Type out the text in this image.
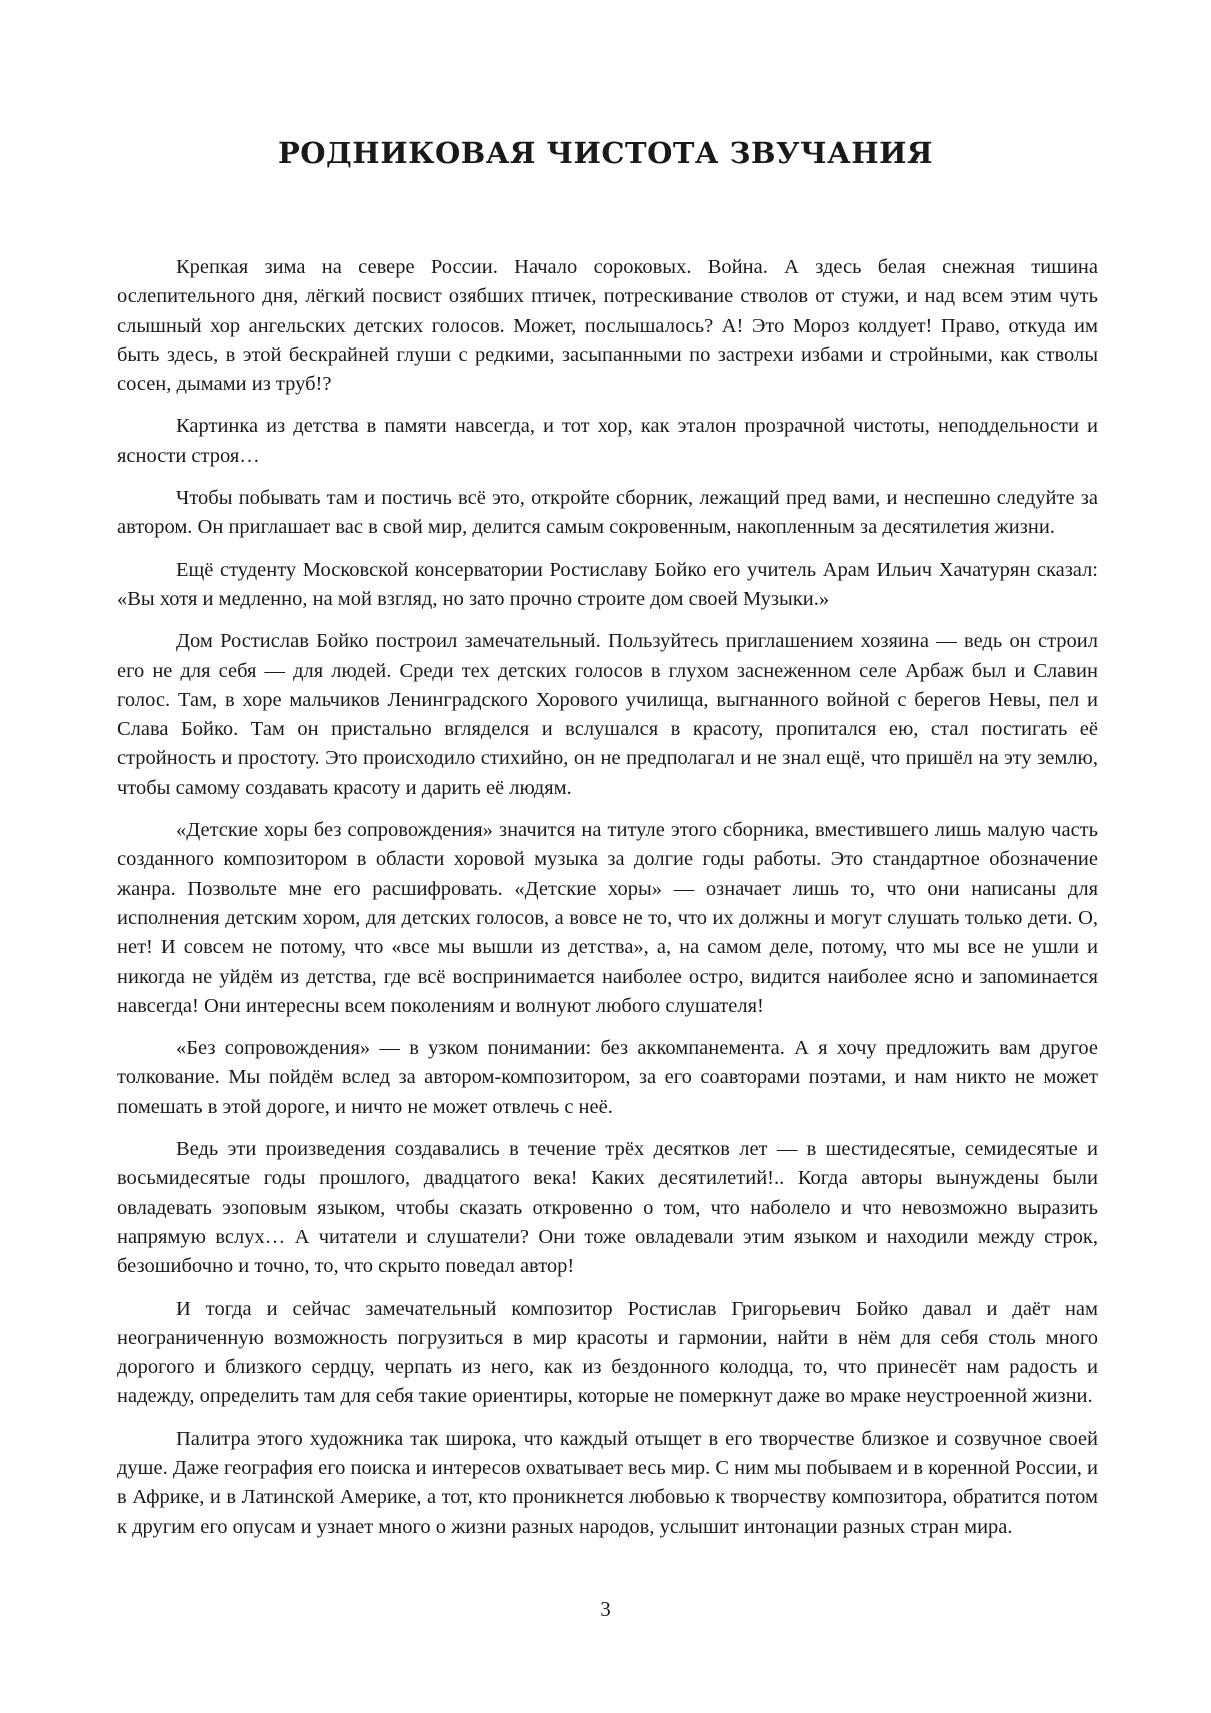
РОДНИКОВАЯ ЧИСТОТА ЗВУЧАНИЯ

Крепкая зима на севере России. Начало сороковых. Война. А здесь белая снежная тишина ослепительного дня, лёгкий посвист озябших птичек, потрескивание стволов от стужи, и над всем этим чуть слышный хор ангельских детских голосов. Может, послышалось? А! Это Мороз колдует! Право, откуда им быть здесь, в этой бескрайней глуши с редкими, засыпанными по застрехи избами и стройными, как стволы сосен, дымами из труб!?

Картинка из детства в памяти навсегда, и тот хор, как эталон прозрачной чистоты, неподдельности и ясности строя…

Чтобы побывать там и постичь всё это, откройте сборник, лежащий пред вами, и неспешно следуйте за автором. Он приглашает вас в свой мир, делится самым сокровенным, накопленным за десятилетия жизни.

Ещё студенту Московской консерватории Ростиславу Бойко его учитель Арам Ильич Хачатурян сказал: «Вы хотя и медленно, на мой взгляд, но зато прочно строите дом своей Музыки.»

Дом Ростислав Бойко построил замечательный. Пользуйтесь приглашением хозяина — ведь он строил его не для себя — для людей. Среди тех детских голосов в глухом заснеженном селе Арбаж был и Славин голос. Там, в хоре мальчиков Ленинградского Хорового училища, выгнанного войной с берегов Невы, пел и Слава Бойко. Там он пристально вгляделся и вслушался в красоту, пропитался ею, стал постигать её стройность и простоту. Это происходило стихийно, он не предполагал и не знал ещё, что пришёл на эту землю, чтобы самому создавать красоту и дарить её людям.

«Детские хоры без сопровождения» значится на титуле этого сборника, вместившего лишь малую часть созданного композитором в области хоровой музыка за долгие годы работы. Это стандартное обозначение жанра. Позвольте мне его расшифровать. «Детские хоры» — означает лишь то, что они написаны для исполнения детским хором, для детских голосов, а вовсе не то, что их должны и могут слушать только дети. О, нет! И совсем не потому, что «все мы вышли из детства», а, на самом деле, потому, что мы все не ушли и никогда не уйдём из детства, где всё воспринимается наиболее остро, видится наиболее ясно и запоминается навсегда! Они интересны всем поколениям и волнуют любого слушателя!

«Без сопровождения» — в узком понимании: без аккомпанемента. А я хочу предложить вам другое толкование. Мы пойдём вслед за автором-композитором, за его соавторами поэтами, и нам никто не может помешать в этой дороге, и ничто не может отвлечь с неё.

Ведь эти произведения создавались в течение трёх десятков лет — в шестидесятые, семидесятые и восьмидесятые годы прошлого, двадцатого века! Каких десятилетий!.. Когда авторы вынуждены были овладевать эзоповым языком, чтобы сказать откровенно о том, что наболело и что невозможно выразить напрямую вслух… А читатели и слушатели? Они тоже овладевали этим языком и находили между строк, безошибочно и точно, то, что скрыто поведал автор!

И тогда и сейчас замечательный композитор Ростислав Григорьевич Бойко давал и даёт нам неограниченную возможность погрузиться в мир красоты и гармонии, найти в нём для себя столь много дорогого и близкого сердцу, черпать из него, как из бездонного колодца, то, что принесёт нам радость и надежду, определить там для себя такие ориентиры, которые не померкнут даже во мраке неустроенной жизни.

Палитра этого художника так широка, что каждый отыщет в его творчестве близкое и созвучное своей душе. Даже география его поиска и интересов охватывает весь мир. С ним мы побываем и в коренной России, и в Африке, и в Латинской Америке, а тот, кто проникнется любовью к творчеству композитора, обратится потом к другим его опусам и узнает много о жизни разных народов, услышит интонации разных стран мира.

3
